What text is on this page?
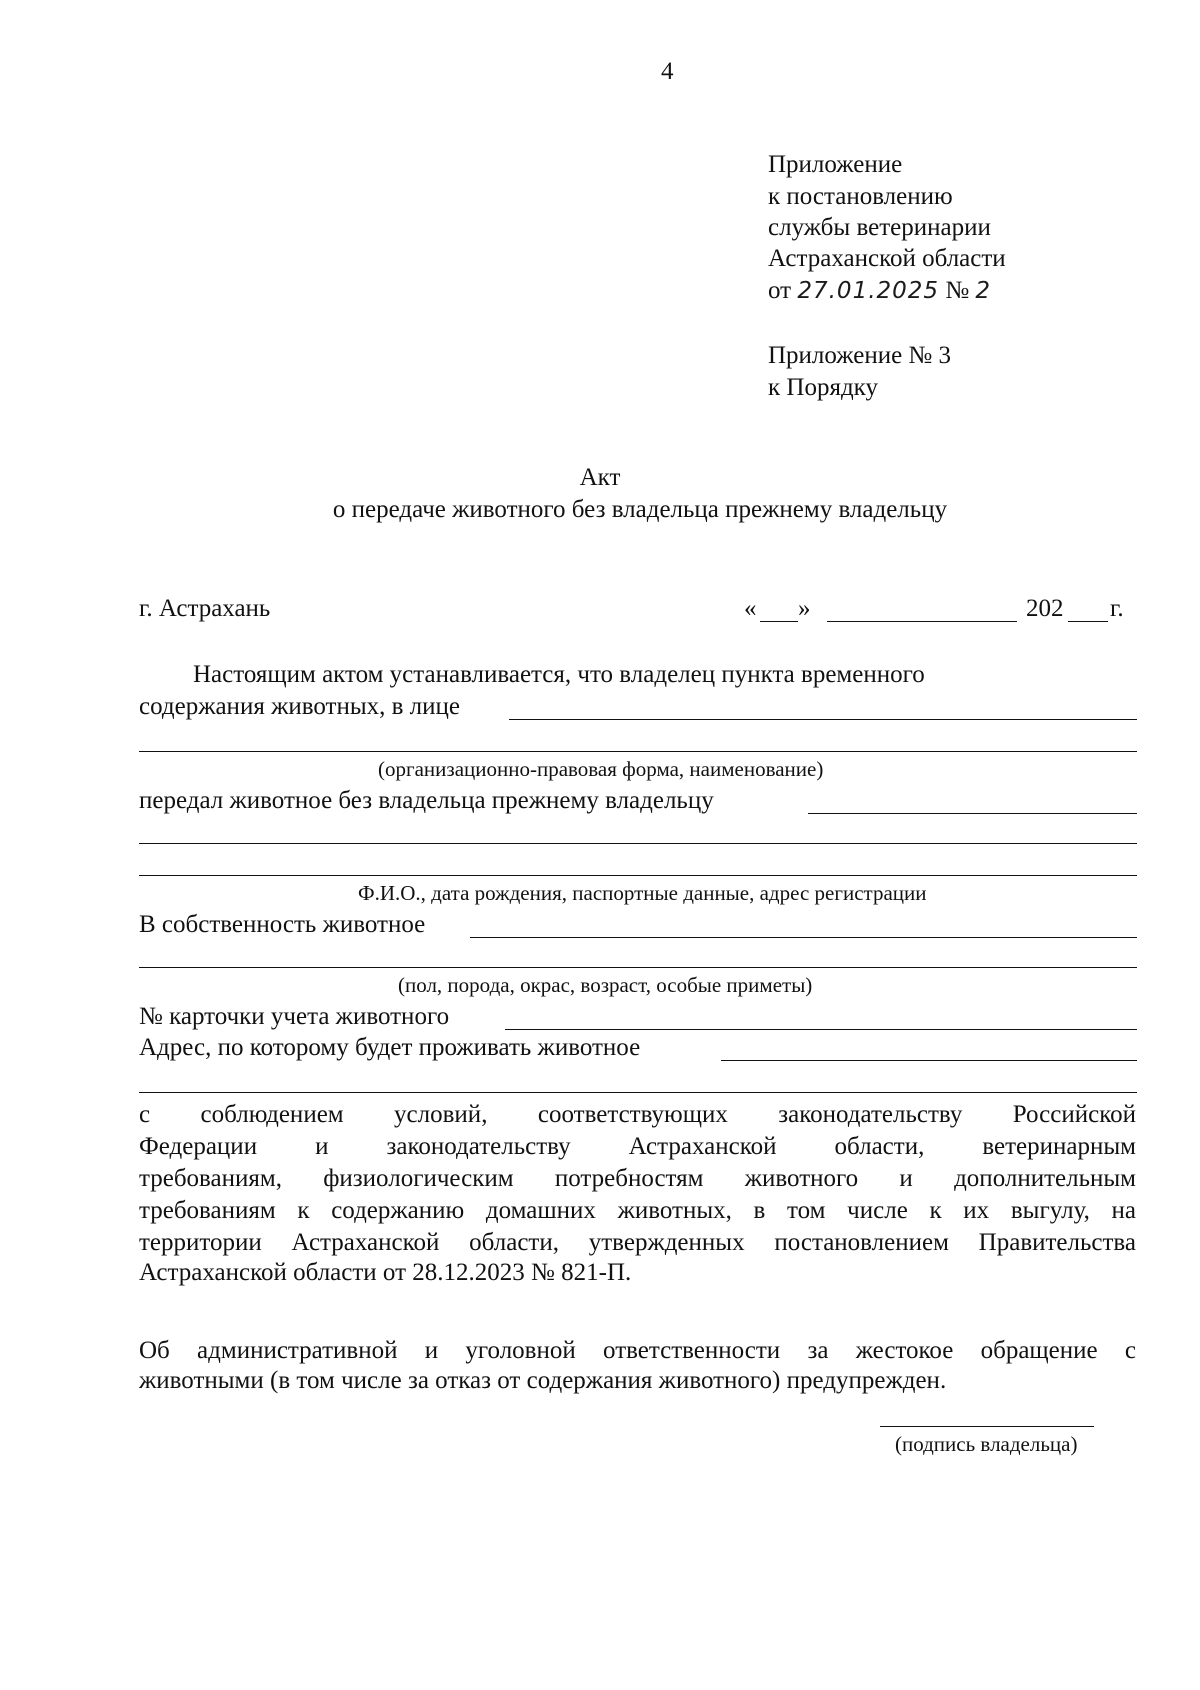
4
Приложение
к постановлению
службы ветеринарии
Астраханской области
от 27.01.2025 № 2
Приложение № 3
к Порядку
Акт
о передаче животного без владельца прежнему владельцу
г. Астрахань	« »	202 г.
Настоящим актом устанавливается, что владелец пункта временного
содержания животных, в лице
(организационно-правовая форма, наименование)
передал животное без владельца прежнему владельцу
Ф.И.О., дата рождения, паспортные данные, адрес регистрации
В собственность животное
(пол, порода, окрас, возраст, особые приметы)
№ карточки учета животного
Адрес, по которому будет проживать животное
с соблюдением условий, соответствующих законодательству Российской
Федерации и законодательству Астраханской области, ветеринарным
требованиям, физиологическим потребностям животного и дополнительным
требованиям к содержанию домашних животных, в том числе к их выгулу, на
территории Астраханской области, утвержденных постановлением Правительства
Астраханской области от 28.12.2023 № 821-П.
Об административной и уголовной ответственности за жестокое обращение с
животными (в том числе за отказ от содержания животного) предупрежден.
(подпись владельца)
